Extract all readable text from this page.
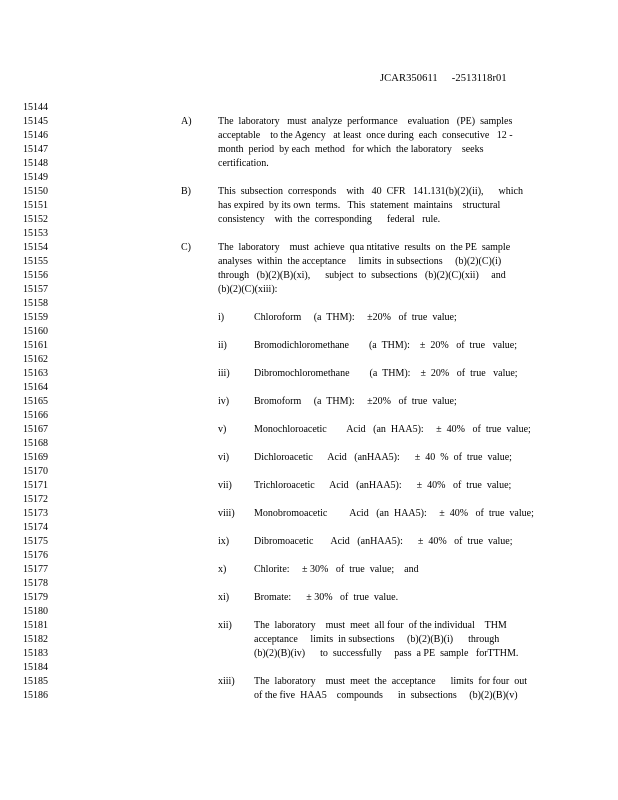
JCAR350611 -2513118r01
15144
15145
15146
15147
15148
15149
15150
15151
15152
15153
15154
15155
15156
15157
15158
15159
15160
15161
15162
15163
15164
15165
15166
15167
15168
15169
15170
15171
15172
15173
15174
15175
15176
15177
15178
15179
15180
15181
15182
15183
15184
15185
15186
A)	The  laboratory   must  analyze  performance    evaluation   (PE)  samples
acceptable    to the Agency   at least  once during  each  consecutive   12 -
month  period  by each  method   for which  the laboratory    seeks
certification.
B)	This  subsection  corresponds    with   40  CFR   141.131(b)(2)(ii),      which
has expired  by its own  terms.   This  statement  maintains    structural
consistency    with  the  corresponding      federal   rule.
C)	The  laboratory    must  achieve  qua ntitative  results  on  the PE  sample
analyses  within  the acceptance     limits  in subsections     (b)(2)(C)(i)
through   (b)(2)(B)(xi),      subject  to  subsections   (b)(2)(C)(xii)     and
(b)(2)(C)(xiii):
i)	Chloroform     (a  THM):     ±20%   of  true  value;
ii)	Bromodichloromethane        (a  THM):    ±  20%   of  true   value;
iii) Dibromochloromethane        (a  THM):    ±  20%   of  true   value;
iv) Bromoform     (a  THM):     ±20%   of  true  value;
v)	Monochloroacetic        Acid   (an  HAA5):     ±  40%   of  true  value;
vi) Dichloroacetic      Acid   (anHAA5):      ±  40  %  of  true  value;
vii) Trichloroacetic      Acid   (anHAA5):      ±  40%   of  true  value;
viii) Monobromoacetic         Acid   (an  HAA5):     ±  40%   of  true  value;
ix) Dibromoacetic       Acid   (anHAA5):      ±  40%   of  true  value;
x)	Chlorite:     ± 30%   of  true  value;    and
xi) Bromate:      ± 30%   of  true  value.
xii) The  laboratory    must  meet  all four  of the individual    THM
acceptance     limits  in subsections     (b)(2)(B)(i)      through
(b)(2)(B)(iv)      to  successfully     pass  a PE  sample   forTTHM.
xiii) The  laboratory    must  meet  the  acceptance      limits  for four  out
of the five  HAA5    compounds      in  subsections     (b)(2)(B)(v)
